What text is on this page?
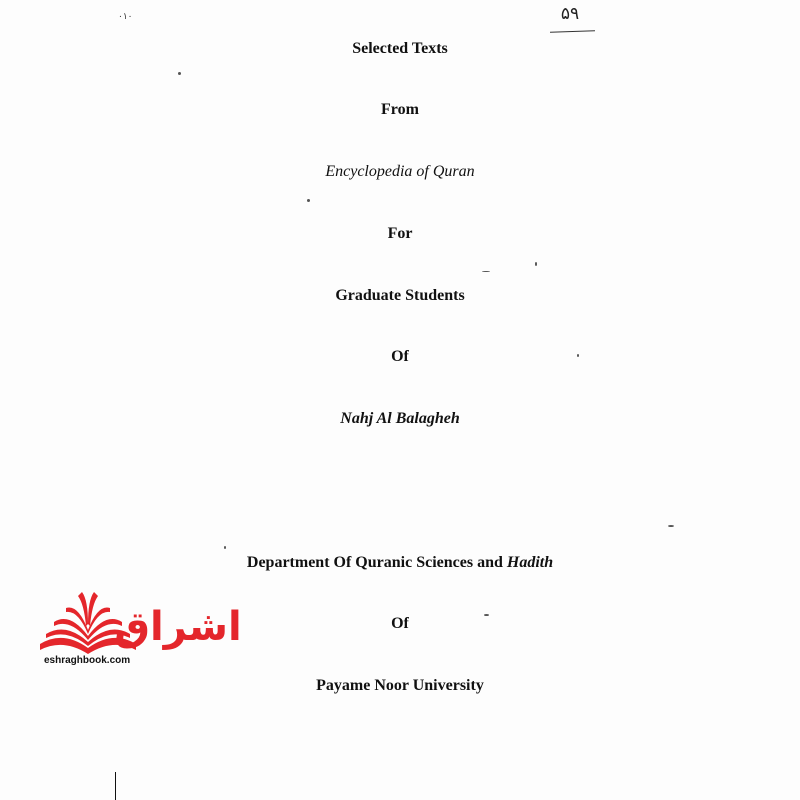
۰۱۰	۵۹
Selected Texts
From
Encyclopedia of Quran
For
Graduate Students
Of
Nahj Al Balagheh
Department Of Quranic Sciences and Hadith
Of
Payame Noor University
اشراق
eshraghbook.com
